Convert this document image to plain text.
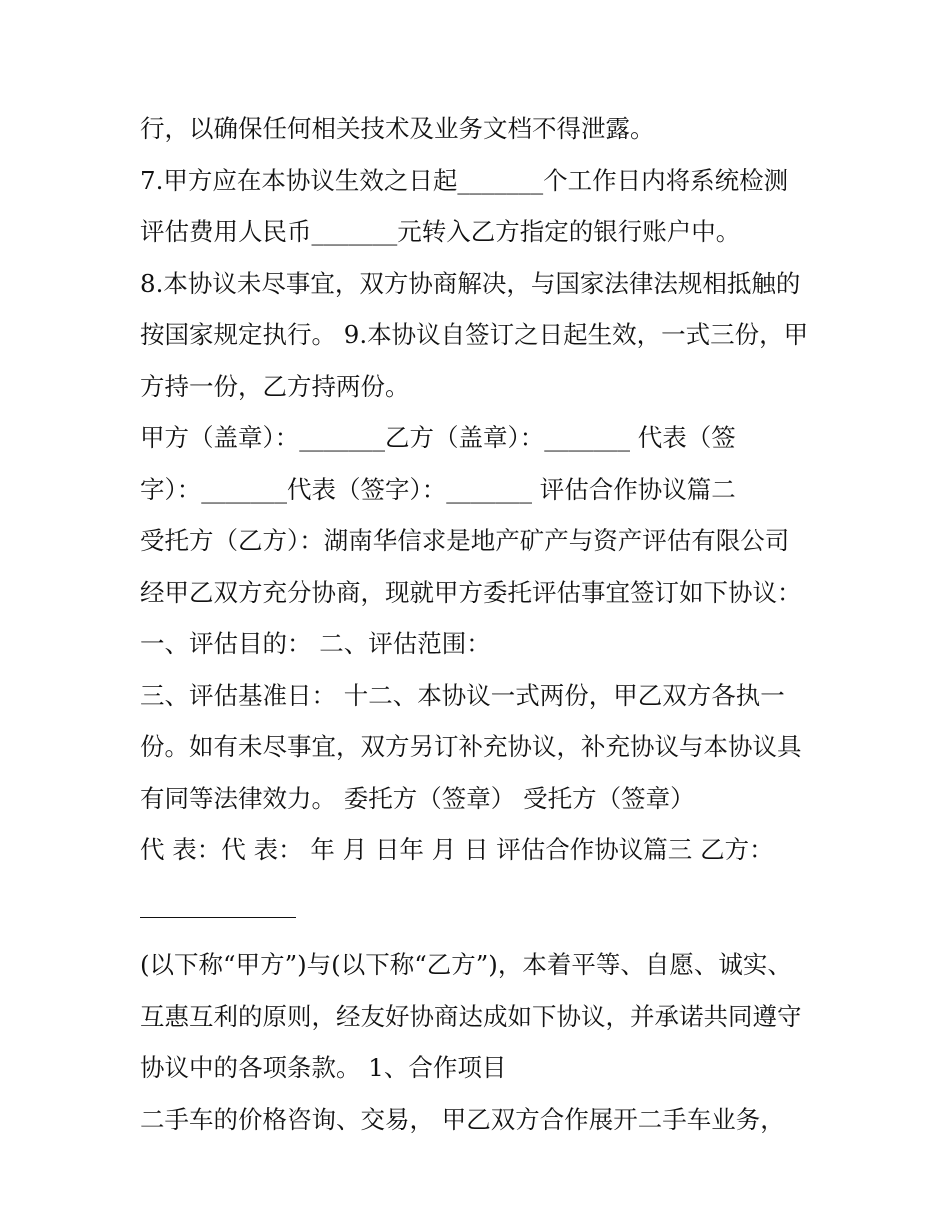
行，以确保任何相关技术及业务文档不得泄露。
7.甲方应在本协议生效之日起_______个工作日内将系统检测
评估费用人民币_______元转入乙方指定的银行账户中。
8.本协议未尽事宜，双方协商解决，与国家法律法规相抵触的
按国家规定执行。 9.本协议自签订之日起生效，一式三份，甲
方持一份，乙方持两份。
甲方（盖章）：_______乙方（盖章）：_______ 代表（签
字）：_______代表（签字）：_______ 评估合作协议篇二
受托方（乙方）：湖南华信求是地产矿产与资产评估有限公司
经甲乙双方充分协商，现就甲方委托评估事宜签订如下协议：
一、评估目的： 二、评估范围：
三、评估基准日： 十二、本协议一式两份，甲乙双方各执一
份。如有未尽事宜，双方另订补充协议，补充协议与本协议具
有同等法律效力。 委托方（签章） 受托方（签章）
代 表：代 表： 年 月 日年 月 日 评估合作协议篇三 乙方：
(以下称“甲方”)与(以下称“乙方”)，本着平等、自愿、诚实、
互惠互利的原则，经友好协商达成如下协议，并承诺共同遵守
协议中的各项条款。 1、合作项目
二手车的价格咨询、交易， 甲乙双方合作展开二手车业务，
